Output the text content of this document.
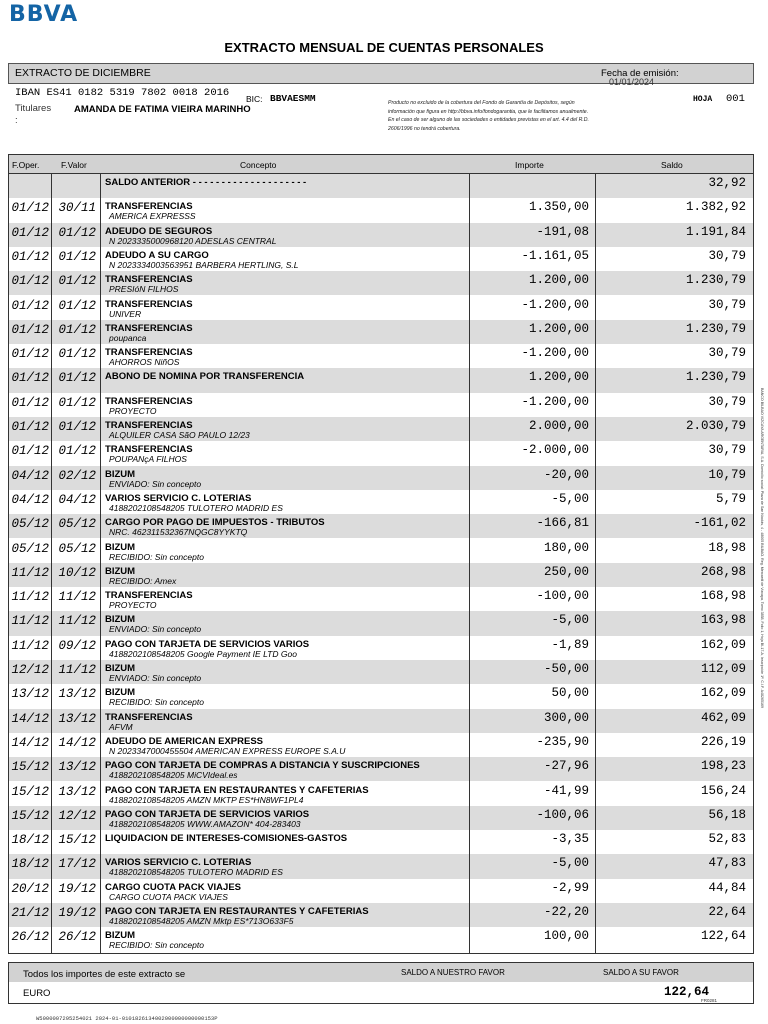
BBVA
EXTRACTO MENSUAL DE CUENTAS PERSONALES
EXTRACTO DE DICIEMBRE	Fecha de emisión:
01/01/2024
IBAN ES41 0182 5319 7802 0018 2016 BIC: BBVAESMM	HOJA 001
Titulares
:
AMANDA DE FATIMA VIEIRA MARINHO
Producto no excluido de la cobertura del Fondo de Garantía de Depósitos, según información que figura en http://bbva.info/fondogarantia, que le facilitamos anualmente. En el caso de ser alguno de las sociedades o entidades previstas en el art. 4.4 del R.D. 2606/1996 no tendrá cobertura.
F.Oper.	F.Valor	Concepto	Importe	Saldo
SALDO ANTERIOR - - - - - - - - - - - - - - - - - - - -	32,92
01/12 30/11 TRANSFERENCIAS
AMERICA EXPRESSS
1.350,00	1.382,92
01/12 01/12 ADEUDO DE SEGUROS
N 2023335000968120 ADESLAS CENTRAL
-191,08	1.191,84
01/12 01/12 ADEUDO A SU CARGO
N 2023334003563951 BARBERA HERTLING, S.L
-1.161,05	30,79
01/12 01/12 TRANSFERENCIAS
PRESIóN FILHOS
1.200,00	1.230,79
01/12 01/12 TRANSFERENCIAS
UNIVER
-1.200,00	30,79
01/12 01/12 TRANSFERENCIAS
poupanca
1.200,00	1.230,79
01/12 01/12 TRANSFERENCIAS
AHORROS NiñOS
-1.200,00	30,79
01/12 01/12 ABONO DE NOMINA POR TRANSFERENCIA	1.200,00	1.230,79
01/12 01/12 TRANSFERENCIAS
PROYECTO
-1.200,00	30,79
01/12 01/12 TRANSFERENCIAS
ALQUILER CASA SãO PAULO 12/23
2.000,00	2.030,79
01/12 01/12 TRANSFERENCIAS
POUPANçA FILHOS
-2.000,00	30,79
04/12 02/12 BIZUM
ENVIADO: Sin concepto
-20,00	10,79
04/12 04/12 VARIOS SERVICIO C. LOTERIAS
4188202108548205 TULOTERO MADRID ES
-5,00	5,79
05/12 05/12 CARGO POR PAGO DE IMPUESTOS - TRIBUTOS
NRC. 462311532367NQGC8YYKTQ
-166,81	-161,02
05/12 05/12 BIZUM
RECIBIDO: Sin concepto
180,00	18,98
11/12 10/12 BIZUM
RECIBIDO: Amex
250,00	268,98
11/12 11/12 TRANSFERENCIAS
PROYECTO
-100,00	168,98
11/12 11/12 BIZUM
ENVIADO: Sin concepto
-5,00	163,98
11/12 09/12 PAGO CON TARJETA DE SERVICIOS VARIOS
4188202108548205 Google Payment IE LTD Goo
-1,89	162,09
12/12 11/12 BIZUM
ENVIADO: Sin concepto
-50,00	112,09
13/12 13/12 BIZUM
RECIBIDO: Sin concepto
50,00	162,09
14/12 13/12 TRANSFERENCIAS
AFVM
300,00	462,09
14/12 14/12 ADEUDO DE AMERICAN EXPRESS
N 2023347000455504 AMERICAN EXPRESS EUROPE S.A.U
-235,90	226,19
15/12 13/12 PAGO CON TARJETA DE COMPRAS A DISTANCIA Y SUSCRIPCIONES
4188202108548205 MiCVIdeal.es
-27,96	198,23
15/12 13/12 PAGO CON TARJETA EN RESTAURANTES Y CAFETERIAS
4188202108548205 AMZN MKTP ES*HN8WF1PL4
-41,99	156,24
15/12 12/12 PAGO CON TARJETA DE SERVICIOS VARIOS
4188202108548205 WWW.AMAZON* 404-283403
-100,06	56,18
18/12 15/12 LIQUIDACION DE INTERESES-COMISIONES-GASTOS	-3,35	52,83
18/12 17/12 VARIOS SERVICIO C. LOTERIAS
4188202108548205 TULOTERO MADRID ES
-5,00	47,83
20/12 19/12 CARGO CUOTA PACK VIAJES
CARGO CUOTA PACK VIAJES
-2,99	44,84
21/12 19/12 PAGO CON TARJETA EN RESTAURANTES Y CAFETERIAS
4188202108548205 AMZN Mktp ES*713O633F5
-22,20	22,64
26/12 26/12 BIZUM
RECIBIDO: Sin concepto
100,00	122,64
BANCO BILBAO VIZCAYA ARGENTARIA, S.A. Domicilio social: Plaza de San Nicolás, 4 - 48005 BILBAO. Reg. Mercantil de Vizcaya, Tomo 3858, Folio 1, Hoja BI-17-A, Inscripción 1ª. C.I.F. A48265169
Todos los importes de este extracto se	SALDO A NUESTRO FAVOR	SALDO A SU FAVOR
EURO	122,64
FR0281
W5000007295254021 2024-01-0101826134002000000000000153P
